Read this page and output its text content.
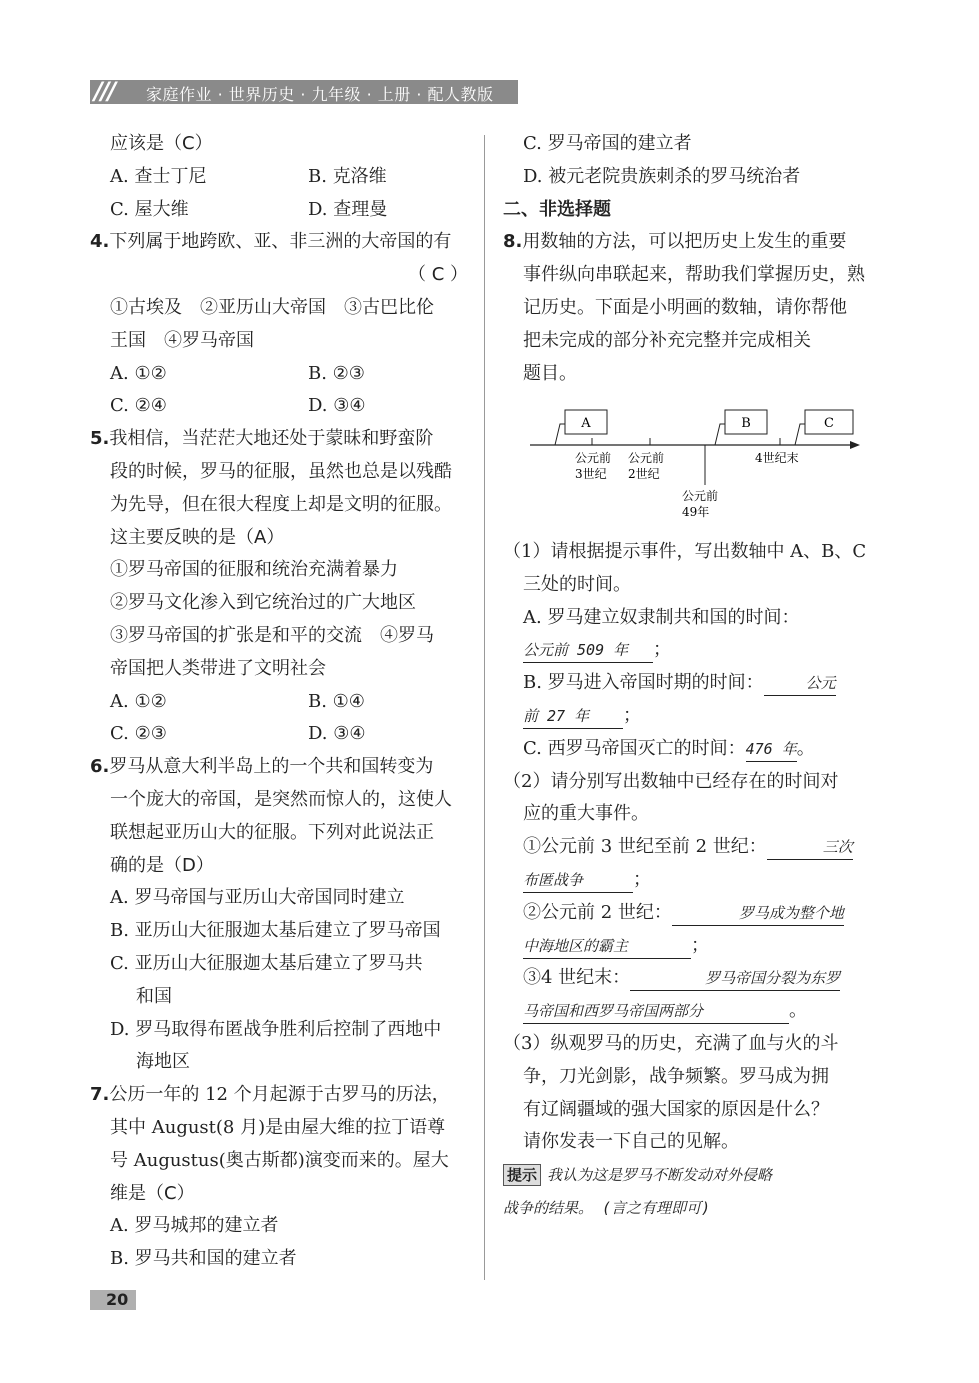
/// 家庭作业 · 世界历史 · 九年级 · 上册 · 配人教版
应该是（C）
A. 查士丁尼	B. 克洛维
C. 屋大维	D. 查理曼
4.下列属于地跨欧、亚、非三洲的大帝国的有
（ C ）
①古埃及　②亚历山大帝国　③古巴比伦
王国　④罗马帝国
A. ①②	B. ②③
C. ②④	D. ③④
5.我相信，当茫茫大地还处于蒙昧和野蛮阶
段的时候，罗马的征服，虽然也总是以残酷
为先导，但在很大程度上却是文明的征服。
这主要反映的是（A）
①罗马帝国的征服和统治充满着暴力
②罗马文化渗入到它统治过的广大地区
③罗马帝国的扩张是和平的交流　④罗马
帝国把人类带进了文明社会
A. ①②	B. ①④
C. ②③	D. ③④
6.罗马从意大利半岛上的一个共和国转变为
一个庞大的帝国，是突然而惊人的，这使人
联想起亚历山大的征服。下列对此说法正
确的是（D）
A. 罗马帝国与亚历山大帝国同时建立
B. 亚历山大征服迦太基后建立了罗马帝国
C. 亚历山大征服迦太基后建立了罗马共
和国
D. 罗马取得布匿战争胜利后控制了西地中
海地区
7.公历一年的 12 个月起源于古罗马的历法，
其中 August(8 月)是由屋大维的拉丁语尊
号 Augustus(奥古斯都)演变而来的。屋大
维是（C）
A. 罗马城邦的建立者
B. 罗马共和国的建立者
C. 罗马帝国的建立者
D. 被元老院贵族刺杀的罗马统治者
二、非选择题
8.用数轴的方法，可以把历史上发生的重要
事件纵向串联起来，帮助我们掌握历史，熟
记历史。下面是小明画的数轴，请你帮他
把未完成的部分补充完整并完成相关
题目。
A	B	C
公元前
3世纪
公元前
2世纪
4世纪末
公元前
49年
（1）请根据提示事件，写出数轴中 A、B、C
三处的时间。
A. 罗马建立奴隶制共和国的时间：
公元前 509 年 ；
B. 罗马进入帝国时期的时间：	公元
前 27 年 ；
C. 西罗马帝国灭亡的时间：476 年。
（2）请分别写出数轴中已经存在的时间对
应的重大事件。
①公元前 3 世纪至前 2 世纪：	三次
布匿战争	；
②公元前 2 世纪：	罗马成为整个地
中海地区的霸主	；
③4 世纪末：	罗马帝国分裂为东罗
马帝国和西罗马帝国两部分	。
（3）纵观罗马的历史，充满了血与火的斗
争，刀光剑影，战争频繁。罗马成为拥
有辽阔疆域的强大国家的原因是什么？
请你发表一下自己的见解。
提示 我认为这是罗马不断发动对外侵略
战争的结果。 (言之有理即可)
20
